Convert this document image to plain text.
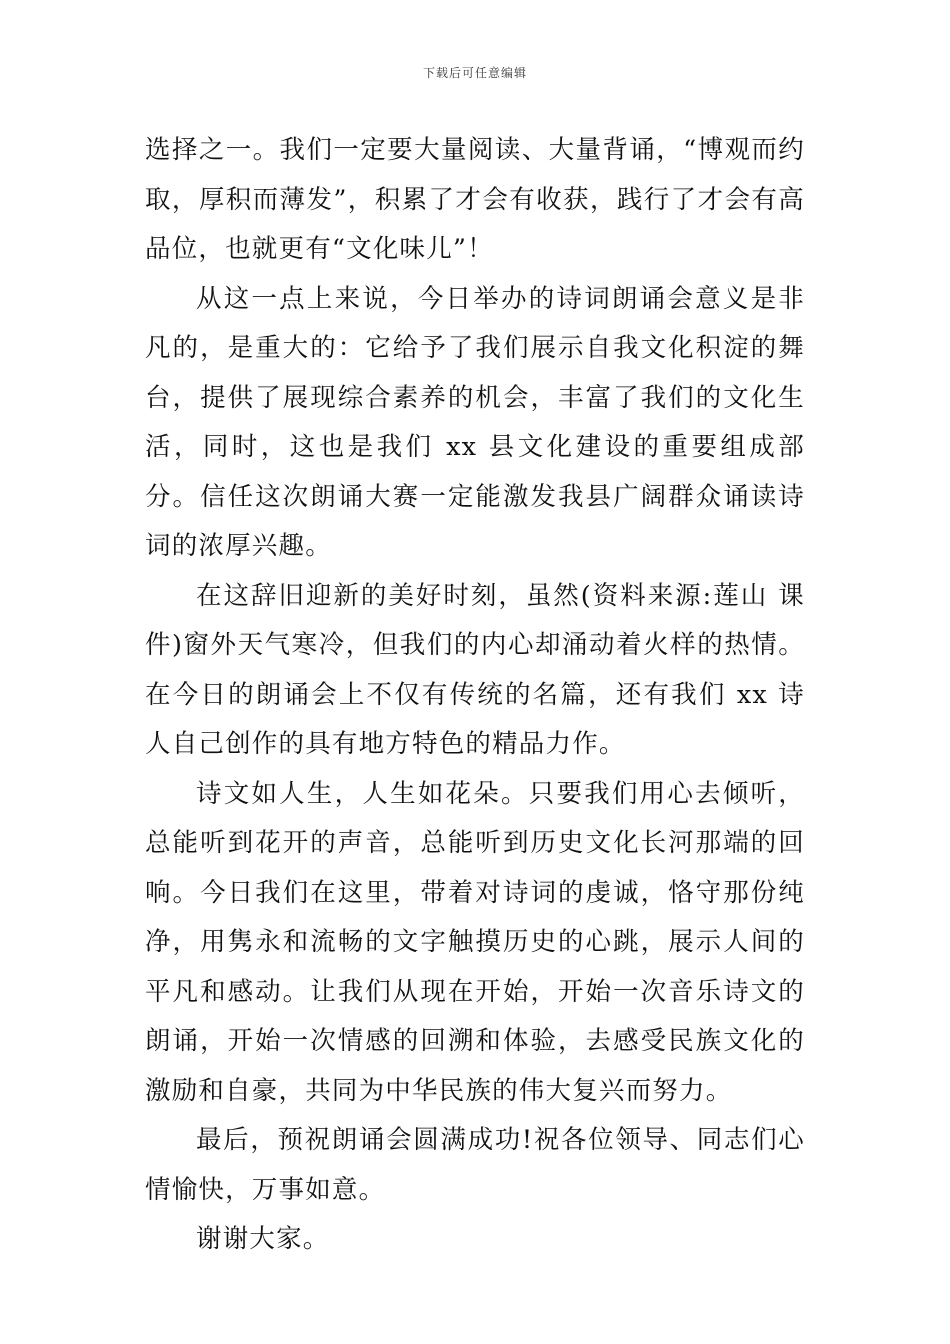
下载后可任意编辑

选择之一。我们一定要大量阅读、大量背诵，“博观而约取，厚积而薄发”，积累了才会有收获，践行了才会有高品位，也就更有“文化味儿”！

从这一点上来说，今日举办的诗词朗诵会意义是非凡的，是重大的：它给予了我们展示自我文化积淀的舞台，提供了展现综合素养的机会，丰富了我们的文化生活，同时，这也是我们 xx 县文化建设的重要组成部分。信任这次朗诵大赛一定能激发我县广阔群众诵读诗词的浓厚兴趣。

在这辞旧迎新的美好时刻，虽然(资料来源:莲山 课件)窗外天气寒冷，但我们的内心却涌动着火样的热情。在今日的朗诵会上不仅有传统的名篇，还有我们 xx 诗人自己创作的具有地方特色的精品力作。

诗文如人生，人生如花朵。只要我们用心去倾听，总能听到花开的声音，总能听到历史文化长河那端的回响。今日我们在这里，带着对诗词的虔诚，恪守那份纯净，用隽永和流畅的文字触摸历史的心跳，展示人间的平凡和感动。让我们从现在开始，开始一次音乐诗文的朗诵，开始一次情感的回溯和体验，去感受民族文化的激励和自豪，共同为中华民族的伟大复兴而努力。

最后，预祝朗诵会圆满成功!祝各位领导、同志们心情愉快，万事如意。

谢谢大家。
